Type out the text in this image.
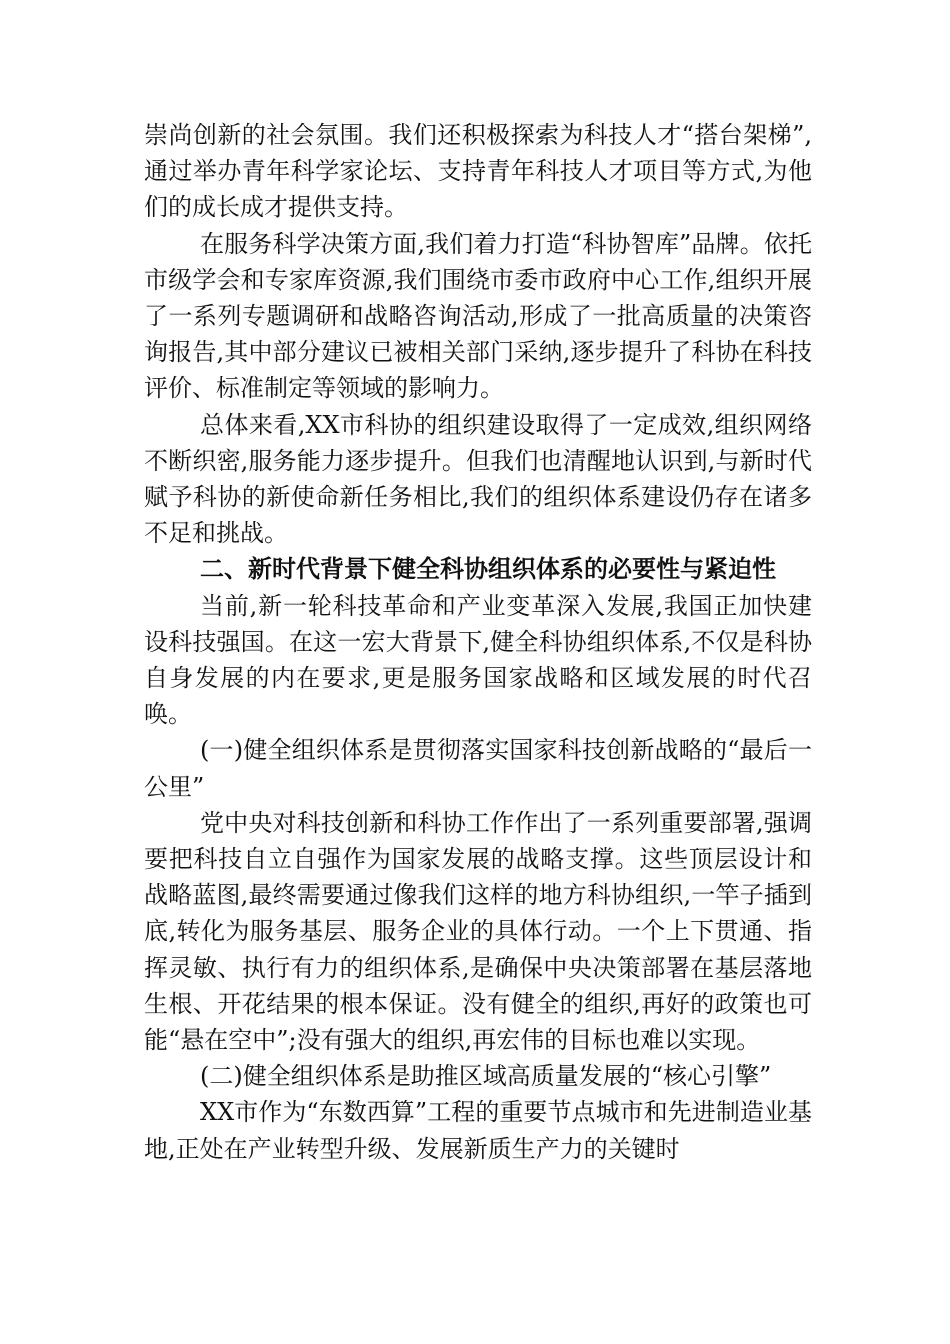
崇尚创新的社会氛围。我们还积极探索为科技人才“搭台架梯”,通过举办青年科学家论坛、支持青年科技人才项目等方式,为他们的成长成才提供支持。

在服务科学决策方面,我们着力打造“科协智库”品牌。依托市级学会和专家库资源,我们围绕市委市政府中心工作,组织开展了一系列专题调研和战略咨询活动,形成了一批高质量的决策咨询报告,其中部分建议已被相关部门采纳,逐步提升了科协在科技评价、标准制定等领域的影响力。

总体来看,XX市科协的组织建设取得了一定成效,组织网络不断织密,服务能力逐步提升。但我们也清醒地认识到,与新时代赋予科协的新使命新任务相比,我们的组织体系建设仍存在诸多不足和挑战。

二、新时代背景下健全科协组织体系的必要性与紧迫性

当前,新一轮科技革命和产业变革深入发展,我国正加快建设科技强国。在这一宏大背景下,健全科协组织体系,不仅是科协自身发展的内在要求,更是服务国家战略和区域发展的时代召唤。

(一)健全组织体系是贯彻落实国家科技创新战略的“最后一公里”

党中央对科技创新和科协工作作出了一系列重要部署,强调要把科技自立自强作为国家发展的战略支撑。这些顶层设计和战略蓝图,最终需要通过像我们这样的地方科协组织,一竿子插到底,转化为服务基层、服务企业的具体行动。一个上下贯通、指挥灵敏、执行有力的组织体系,是确保中央决策部署在基层落地生根、开花结果的根本保证。没有健全的组织,再好的政策也可能“悬在空中”;没有强大的组织,再宏伟的目标也难以实现。

(二)健全组织体系是助推区域高质量发展的“核心引擎”

XX市作为“东数西算”工程的重要节点城市和先进制造业基地,正处在产业转型升级、发展新质生产力的关键时
